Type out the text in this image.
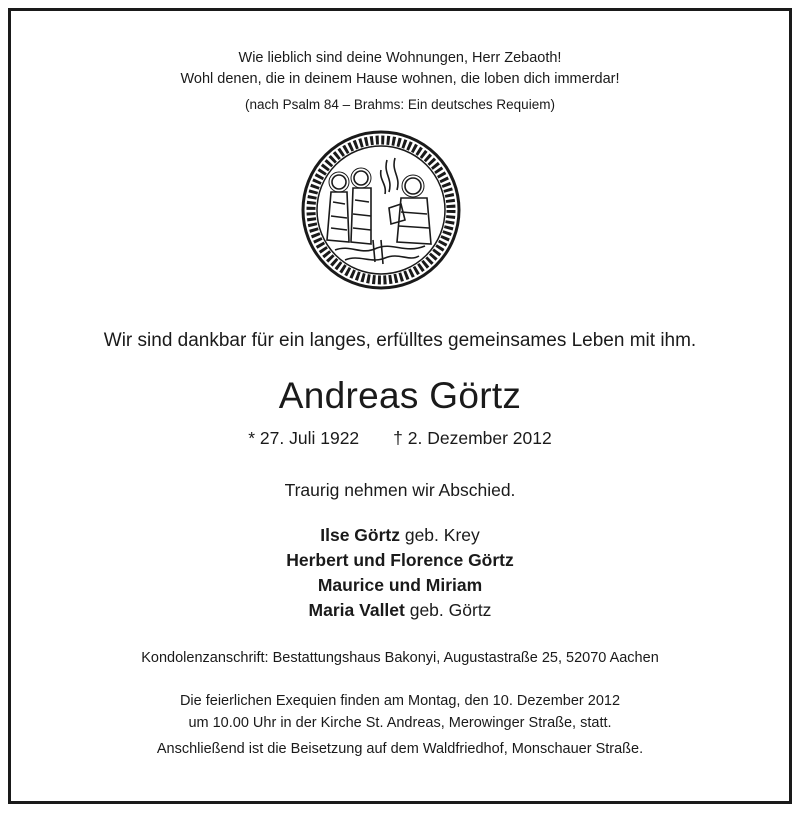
Wie lieblich sind deine Wohnungen, Herr Zebaoth!
Wohl denen, die in deinem Hause wohnen, die loben dich immerdar!
(nach Psalm 84 – Brahms: Ein deutsches Requiem)
Wir sind dankbar für ein langes, erfülltes gemeinsames Leben mit ihm.
Andreas Görtz
* 27. Juli 1922 † 2. Dezember 2012
Traurig nehmen wir Abschied.
Ilse Görtz geb. Krey
Herbert und Florence Görtz
Maurice und Miriam
Maria Vallet geb. Görtz
Kondolenzanschrift: Bestattungshaus Bakonyi, Augustastraße 25, 52070 Aachen
Die feierlichen Exequien finden am Montag, den 10. Dezember 2012
um 10.00 Uhr in der Kirche St. Andreas, Merowinger Straße, statt.
Anschließend ist die Beisetzung auf dem Waldfriedhof, Monschauer Straße.
